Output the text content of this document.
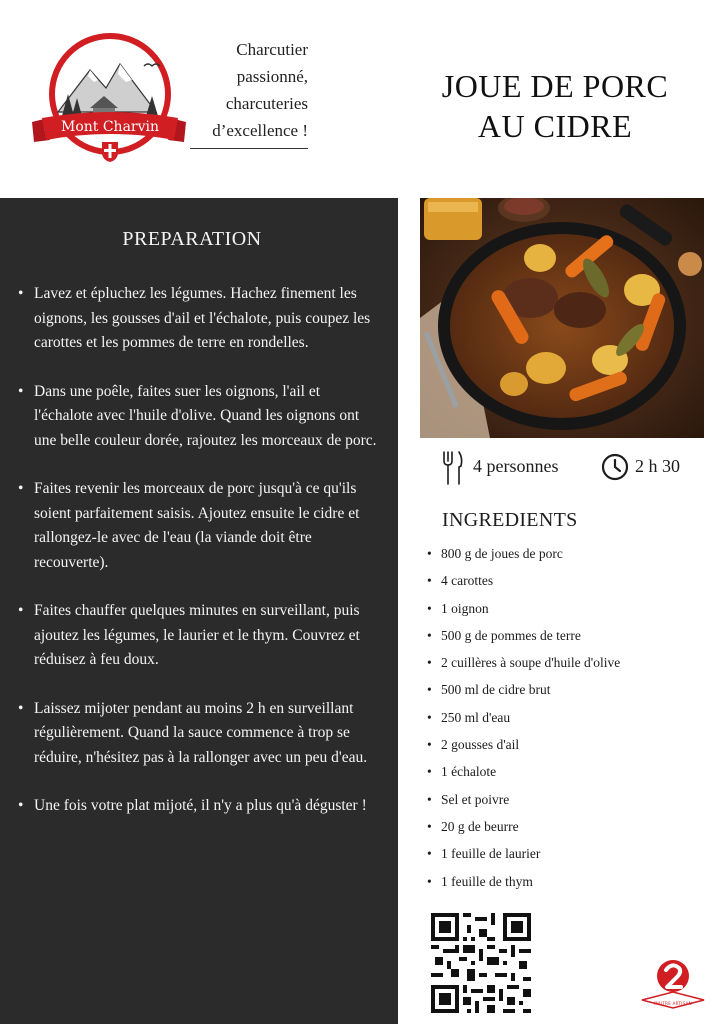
Mont Charvin
Charcutier
passionné,
charcuteries
d’excellence !
JOUE DE PORC
AU CIDRE
PREPARATION
• Lavez et épluchez les légumes. Hachez finement les oignons, les gousses d'ail et l'échalote, puis coupez les carottes et les pommes de terre en rondelles.
• Dans une poêle, faites suer les oignons, l'ail et l'échalote avec l'huile d'olive. Quand les oignons ont une belle couleur dorée, rajoutez les morceaux de porc.
• Faites revenir les morceaux de porc jusqu'à ce qu'ils soient parfaitement saisis. Ajoutez ensuite le cidre et rallongez-le avec de l'eau (la viande doit être recouverte).
• Faites chauffer quelques minutes en surveillant, puis ajoutez les légumes, le laurier et le thym. Couvrez et réduisez à feu doux.
• Laissez mijoter pendant au moins 2 h en surveillant régulièrement. Quand la sauce commence à trop se réduire, n'hésitez pas à la rallonger avec un peu d'eau.
• Une fois votre plat mijoté, il n'y a plus qu'à déguster !
4 personnes	2 h 30
INGREDIENTS
• 800 g de joues de porc
• 4 carottes
• 1 oignon
• 500 g de pommes de terre
• 2 cuillères à soupe d'huile d'olive
• 500 ml de cidre brut
• 250 ml d'eau
• 2 gousses d'ail
• 1 échalote
• Sel et poivre
• 20 g de beurre
• 1 feuille de laurier
• 1 feuille de thym
MAITRE ARTISAN
